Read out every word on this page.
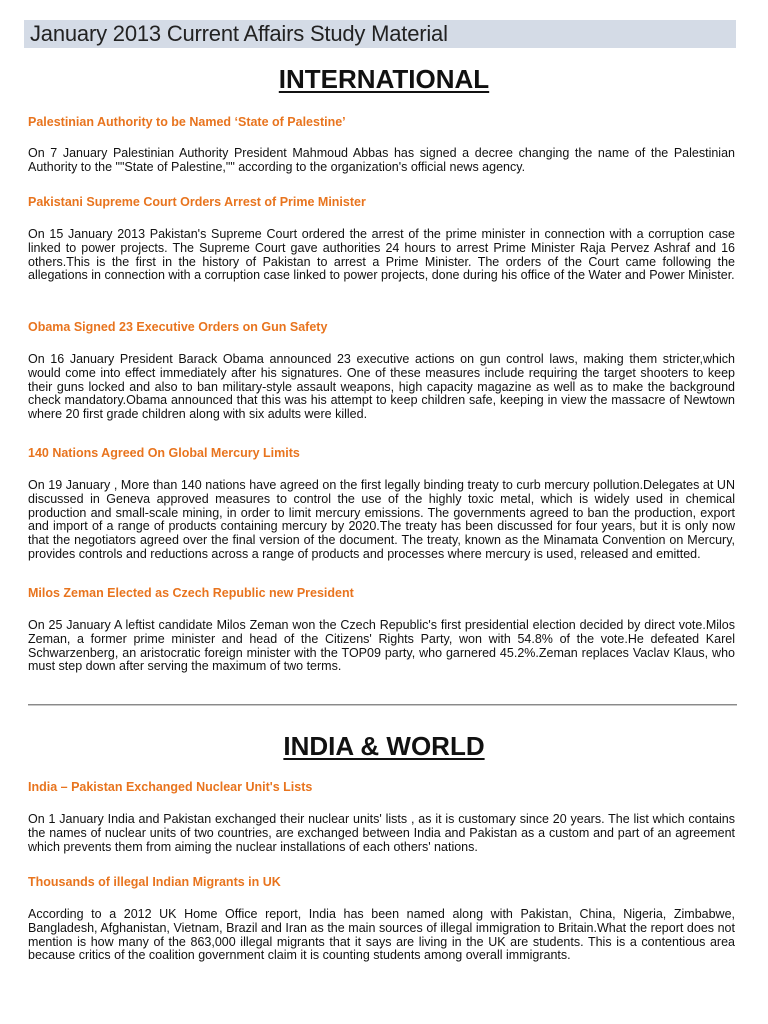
January 2013 Current Affairs Study Material
INTERNATIONAL
Palestinian Authority to be Named ‘State of Palestine’
On 7 January Palestinian Authority President Mahmoud Abbas has signed a decree changing the name of the Palestinian Authority to the ""State of Palestine,"" according to the organization's official news agency.
Pakistani Supreme Court Orders Arrest of Prime Minister
On 15 January 2013 Pakistan's Supreme Court ordered the arrest of the prime minister in connection with a corruption case linked to power projects. The Supreme Court gave authorities 24 hours to arrest Prime Minister Raja Pervez Ashraf and 16 others.This is the first in the history of Pakistan to arrest a Prime Minister. The orders of the Court came following the allegations in connection with a corruption case linked to power projects, done during his office of the Water and Power Minister.
Obama Signed 23 Executive Orders on Gun Safety
On 16 January President Barack Obama announced 23 executive actions on gun control laws, making them stricter,which would come into effect immediately after his signatures. One of these measures include requiring the target shooters to keep their guns locked and also to ban military-style assault weapons, high capacity magazine as well as to make the background check mandatory.Obama announced that this was his attempt to keep children safe, keeping in view the massacre of Newtown where 20 first grade children along with six adults were killed.
140 Nations Agreed On Global Mercury Limits
On 19 January , More than 140 nations have agreed on the first legally binding treaty to curb mercury pollution.Delegates at UN discussed in Geneva approved measures to control the use of the highly toxic metal, which is widely used in chemical production and small-scale mining, in order to limit mercury emissions. The governments agreed to ban the production, export and import of a range of products containing mercury by 2020.The treaty has been discussed for four years, but it is only now that the negotiators agreed over the final version of the document. The treaty, known as the Minamata Convention on Mercury, provides controls and reductions across a range of products and processes where mercury is used, released and emitted.
Milos Zeman Elected as Czech Republic new President
On 25 January A leftist candidate Milos Zeman won the Czech Republic's first presidential election decided by direct vote.Milos Zeman, a former prime minister and head of the Citizens' Rights Party, won with 54.8% of the vote.He defeated Karel Schwarzenberg, an aristocratic foreign minister with the TOP09 party, who garnered 45.2%.Zeman replaces Vaclav Klaus, who must step down after serving the maximum of two terms.
INDIA & WORLD
India – Pakistan Exchanged Nuclear Unit's Lists
On 1 January India and Pakistan exchanged their nuclear units' lists , as it is customary since 20 years. The list which contains the names of nuclear units of two countries, are exchanged between India and Pakistan as a custom and part of an agreement which prevents them from aiming the nuclear installations of each others' nations.
Thousands of illegal Indian Migrants in UK
According to a 2012 UK Home Office report, India has been named along with Pakistan, China, Nigeria, Zimbabwe, Bangladesh, Afghanistan, Vietnam, Brazil and Iran as the main sources of illegal immigration to Britain.What the report does not mention is how many of the 863,000 illegal migrants that it says are living in the UK are students. This is a contentious area because critics of the coalition government claim it is counting students among overall immigrants.
